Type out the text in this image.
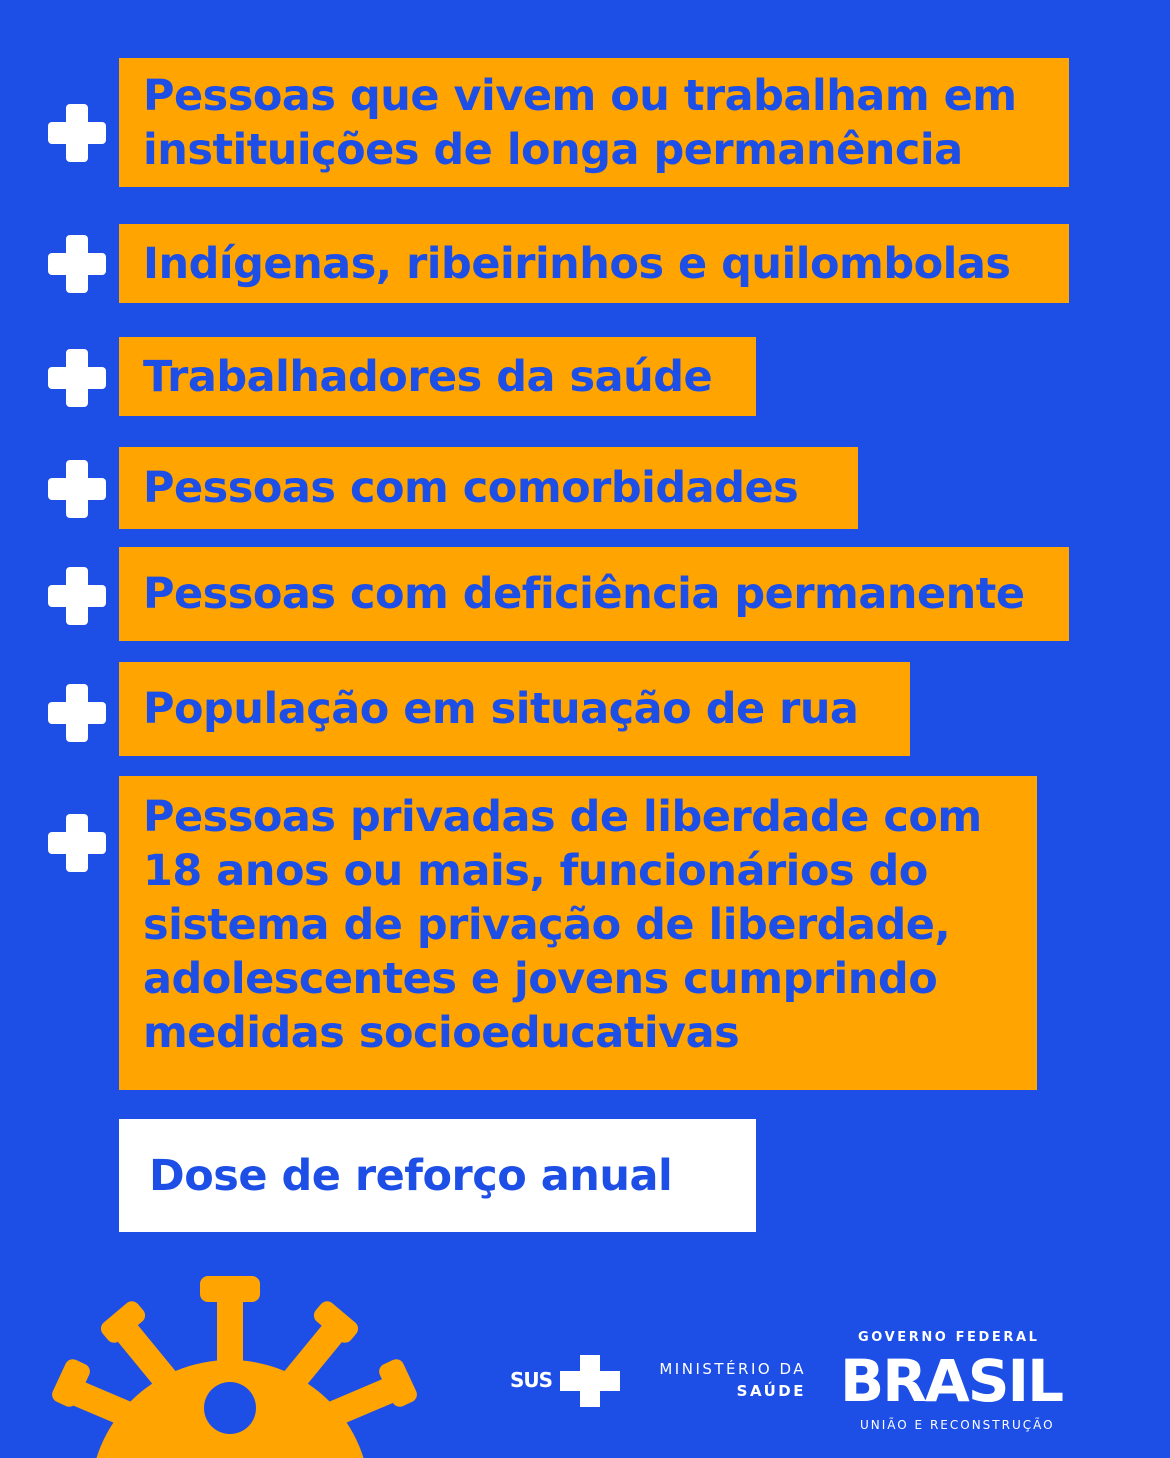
Pessoas que vivem ou trabalham em
instituições de longa permanência
Indígenas, ribeirinhos e quilombolas
Trabalhadores da saúde
Pessoas com comorbidades
Pessoas com deficiência permanente
População em situação de rua
Pessoas privadas de liberdade com
18 anos ou mais, funcionários do
sistema de privação de liberdade,
adolescentes e jovens cumprindo
medidas socioeducativas
Dose de reforço anual
SUS	MINISTÉRIO DA
SAÚDE
GOVERNO FEDERAL
BRASIL
UNIÃO E RECONSTRUÇÃO
